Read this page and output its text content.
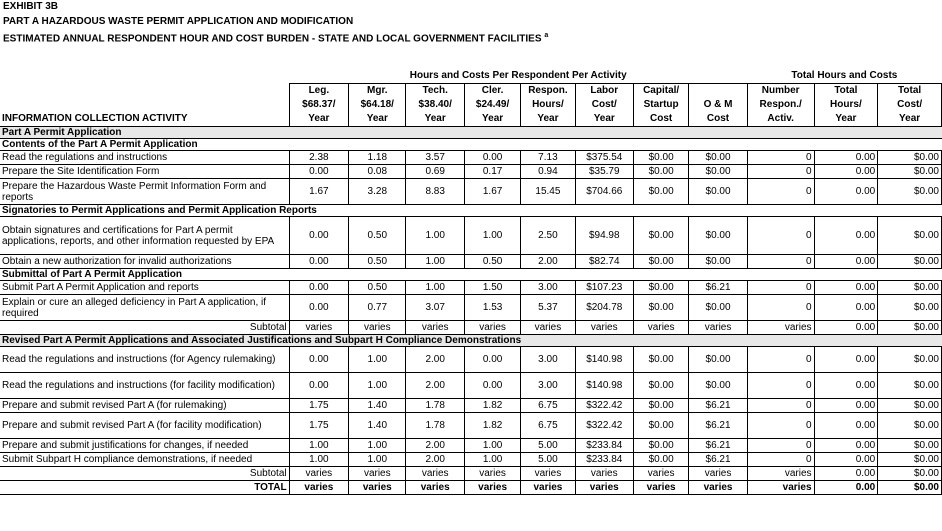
EXHIBIT 3B
PART A HAZARDOUS WASTE PERMIT APPLICATION AND MODIFICATION
ESTIMATED ANNUAL RESPONDENT HOUR AND COST BURDEN - STATE AND LOCAL GOVERNMENT FACILITIES $^a$
	Hours and Costs Per Respondent Per Activity								Total Hours and Costs		
	Leg.	Mgr.	Tech.	Cler.	Respon.	Labor	Capital/		Number	Total	Total
	$68.37/	$64.18/	$38.40/	$24.49/	Hours/	Cost/	Startup	O & M	Respon./	Hours/	Cost/
INFORMATION COLLECTION ACTIVITY	Year	Year	Year	Year	Year	Year	Cost	Cost	Activ.	Year	Year
Part A Permit Application											
Contents of the Part A Permit Application											
Read the regulations and instructions	2.38	1.18	3.57	0.00	7.13	$375.54	$0.00	$0.00	0	0.00	$0.00
Prepare the Site Identification Form	0.00	0.08	0.69	0.17	0.94	$35.79	$0.00	$0.00	0	0.00	$0.00
Prepare the Hazardous Waste Permit Information Form and reports	1.67	3.28	8.83	1.67	15.45	$704.66	$0.00	$0.00	0	0.00	$0.00
Signatories to Permit Applications and Permit Application Reports											
Obtain signatures and certifications for Part A permit applications, reports, and other information requested by EPA	0.00	0.50	1.00	1.00	2.50	$94.98	$0.00	$0.00	0	0.00	$0.00
Obtain a new authorization for invalid authorizations	0.00	0.50	1.00	0.50	2.00	$82.74	$0.00	$0.00	0	0.00	$0.00
Submittal of Part A Permit Application											
Submit Part A Permit Application and reports	0.00	0.50	1.00	1.50	3.00	$107.23	$0.00	$6.21	0	0.00	$0.00
Explain or cure an alleged deficiency in Part A application, if required	0.00	0.77	3.07	1.53	5.37	$204.78	$0.00	$0.00	0	0.00	$0.00
Subtotal	varies	varies	varies	varies	varies	varies	varies	varies	varies	0.00	$0.00
Revised Part A Permit Applications and Associated Justifications and Subpart H Compliance Demonstrations											
Read the regulations and instructions (for Agency rulemaking)	0.00	1.00	2.00	0.00	3.00	$140.98	$0.00	$0.00	0	0.00	$0.00
Read the regulations and instructions (for facility modification)	0.00	1.00	2.00	0.00	3.00	$140.98	$0.00	$0.00	0	0.00	$0.00
Prepare and submit revised Part A (for rulemaking)	1.75	1.40	1.78	1.82	6.75	$322.42	$0.00	$6.21	0	0.00	$0.00
Prepare and submit revised Part A (for facility modification)	1.75	1.40	1.78	1.82	6.75	$322.42	$0.00	$6.21	0	0.00	$0.00
Prepare and submit justifications for changes, if needed	1.00	1.00	2.00	1.00	5.00	$233.84	$0.00	$6.21	0	0.00	$0.00
Submit Subpart H compliance demonstrations, if needed	1.00	1.00	2.00	1.00	5.00	$233.84	$0.00	$6.21	0	0.00	$0.00
Subtotal	varies	varies	varies	varies	varies	varies	varies	varies	varies	0.00	$0.00
TOTAL	varies	varies	varies	varies	varies	varies	varies	varies	varies	0.00	$0.00
